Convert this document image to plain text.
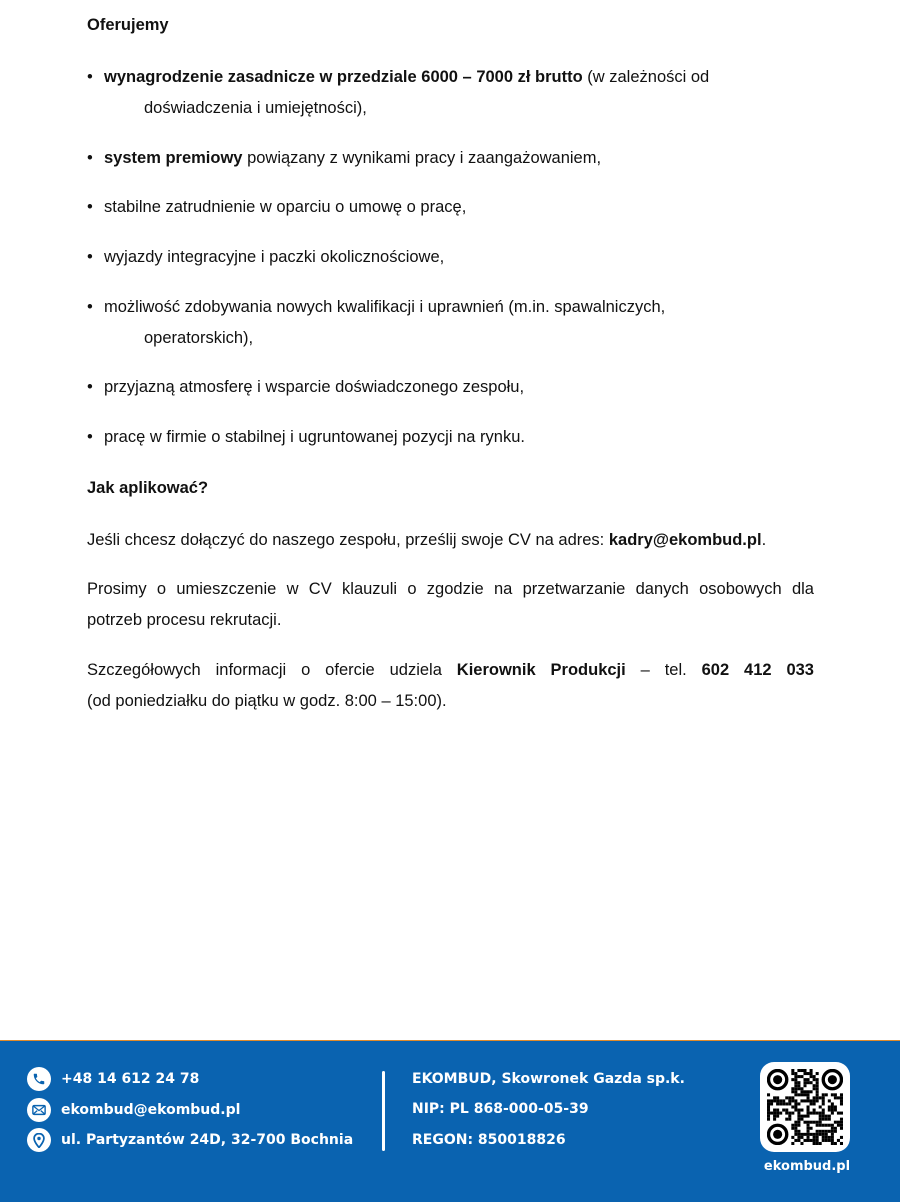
Oferujemy
• wynagrodzenie zasadnicze w przedziale 6000 – 7000 zł brutto (w zależności od
doświadczenia i umiejętności),
• system premiowy powiązany z wynikami pracy i zaangażowaniem,
• stabilne zatrudnienie w oparciu o umowę o pracę,
• wyjazdy integracyjne i paczki okolicznościowe,
• możliwość zdobywania nowych kwalifikacji i uprawnień (m.in. spawalniczych,
operatorskich),
• przyjazną atmosferę i wsparcie doświadczonego zespołu,
• pracę w firmie o stabilnej i ugruntowanej pozycji na rynku.
Jak aplikować?
Jeśli chcesz dołączyć do naszego zespołu, prześlij swoje CV na adres: kadry@ekombud.pl.
Prosimy o umieszczenie w CV klauzuli o zgodzie na przetwarzanie danych osobowych dla
potrzeb procesu rekrutacji.
Szczegółowych informacji o ofercie udziela Kierownik Produkcji – tel. 602 412 033
(od poniedziałku do piątku w godz. 8:00 – 15:00).
+48 14 612 24 78
ekombud@ekombud.pl
ul. Partyzantów 24D, 32-700 Bochnia
EKOMBUD, Skowronek Gazda sp.k.
NIP: PL 868-000-05-39
REGON: 850018826
ekombud.pl
